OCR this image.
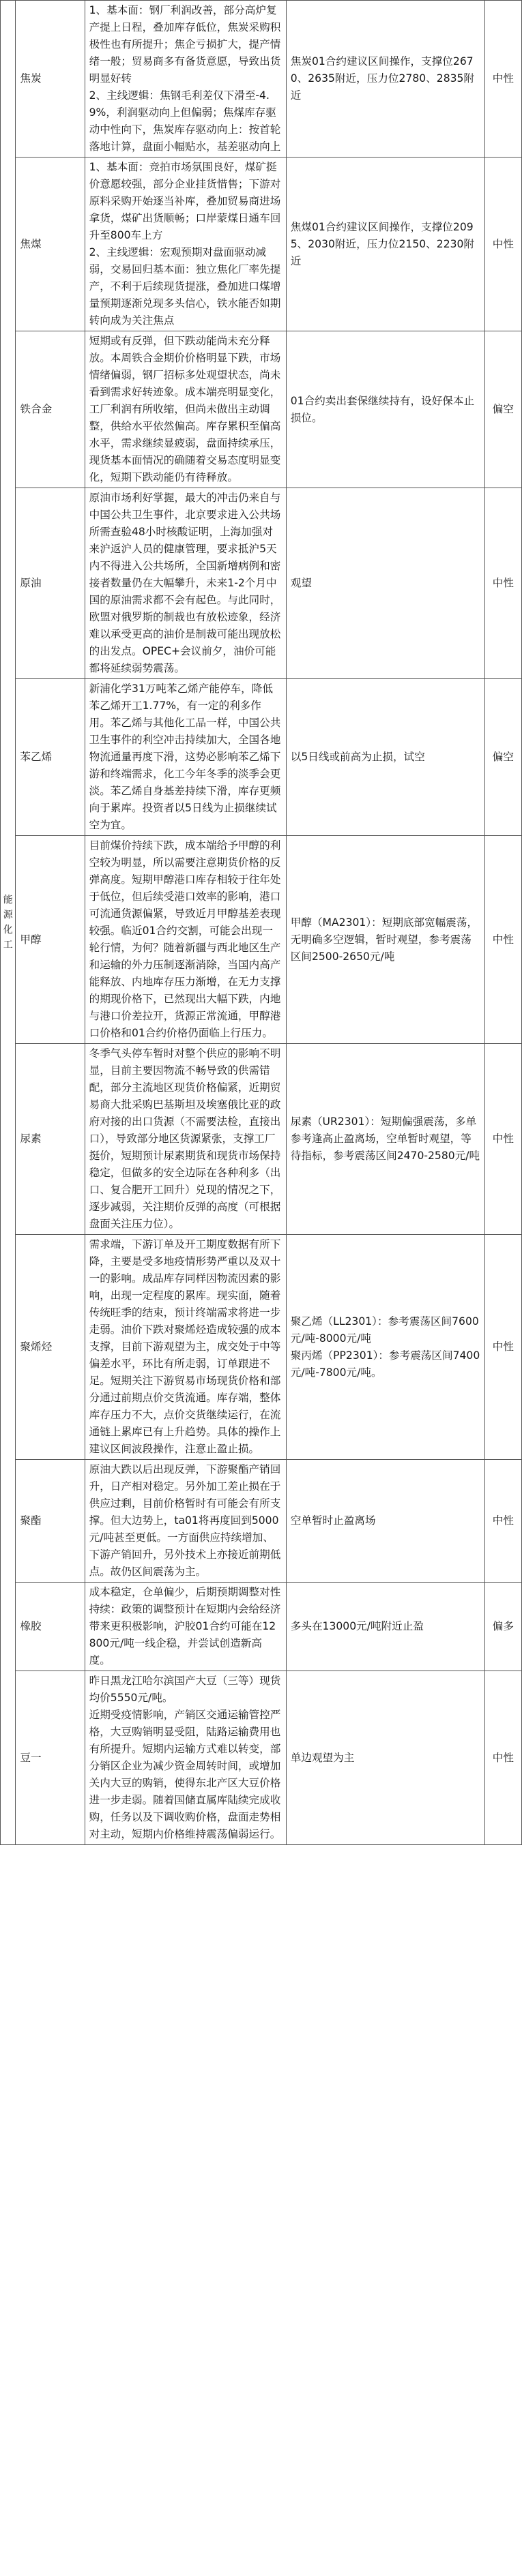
能源化工	焦炭	1、基本面：钢厂利润改善，部分高炉复产提上日程，叠加库存低位，焦炭采购积极性也有所提升；焦企亏损扩大，提产情绪一般；贸易商多有备货意愿，导致出货明显好转
2、主线逻辑：焦钢毛利差仅下滑至-4.9%，利润驱动向上但偏弱；焦煤库存驱动中性向下，焦炭库存驱动向上：按首轮落地计算，盘面小幅贴水，基差驱动向上	焦炭01合约建议区间操作，支撑位2670、2635附近，压力位2780、2835附近	中性
	焦煤	1、基本面：竞拍市场氛围良好，煤矿挺价意愿较强，部分企业挂货惜售；下游对原料采购开始逐当补库，叠加贸易商进场拿货，煤矿出货顺畅；口岸蒙煤日通车回升至800车上方
2、主线逻辑：宏观预期对盘面驱动减弱，交易回归基本面：独立焦化厂率先提产，不利于后续现货提涨，叠加进口煤增量预期逐渐兑现多头信心，铁水能否如期转向成为关注焦点	焦煤01合约建议区间操作，支撑位2095、2030附近，压力位2150、2230附近	中性
	铁合金	短期或有反弹，但下跌动能尚未充分释放。本周铁合金期价价格明显下跌，市场情绪偏弱，钢厂招标多处观望状态，尚未看到需求好转迹象。成本端亮明显变化，工厂利润有所收缩，但尚未做出主动调整，供给水平依然偏高。库存累积至偏高水平，需求继续显疲弱，盘面持续承压，现货基本面情况的确随着交易态度明显变化，短期下跌动能仍有待释放。	01合约卖出套保继续持有，设好保本止损位。	偏空
	原油	原油市场利好掌握，最大的冲击仍来自与中国公共卫生事件，北京要求进入公共场所需查验48小时核酸证明，上海加强对来沪返沪人员的健康管理，要求抵沪5天内不得进入公共场所，全国新增病例和密接者数量仍在大幅攀升，未来1-2个月中国的原油需求都不会有起色。与此同时，欧盟对俄罗斯的制裁也有放松迹象，经济难以承受更高的油价是制裁可能出现放松的出发点。OPEC+会议前夕，油价可能都将延续弱势震荡。	观望	中性
	苯乙烯	新浦化学31万吨苯乙烯产能停车，降低苯乙烯开工1.77%，有一定的利多作用。苯乙烯与其他化工品一样，中国公共卫生事件的利空冲击持续加大，全国各地物流通量再度下滑，这势必影响苯乙烯下游和终端需求，化工今年冬季的淡季会更淡。苯乙烯自身基差持续下滑，库存更频向于累库。投资者以5日线为止损继续试空为宜。	以5日线或前高为止损，试空	偏空
	甲醇	目前煤价持续下跌，成本端给予甲醇的利空较为明显，所以需要注意期货价格的反弹高度。短期甲醇港口库存相较于往年处于低位，但后续受港口效率的影响，港口可流通货源偏紧，导致近月甲醇基差表现较强。临近01合约交割，可能会出现一轮行情，为何？随着新疆与西北地区生产和运输的外力压制逐渐消除，当国内高产能释放、内地库存压力渐增，在无力支撑的期现价格下，已然现出大幅下跌，内地与港口价差拉开，货源正常流通，甲醇港口价格和01合约价格仍面临上行压力。	甲醇（MA2301）：短期底部宽幅震荡，无明确多空逻辑，暂时观望，参考震荡区间2500-2650元/吨	中性
	尿素	冬季气头停车暂时对整个供应的影响不明显，目前主要因物流不畅导致的供需错配，部分主流地区现货价格偏紧，近期贸易商大批采购巴基斯坦及埃塞俄比亚的政府对接的出口货源（不需要法检，直接出口），导致部分地区货源紧张，支撑工厂挺价，短期预计尿素期货和现货市场保持稳定，但做多的安全边际在各种利多（出口、复合肥开工回升）兑现的情况之下，逐步减弱，关注期价反弹的高度（可根据盘面关注压力位）。	尿素（UR2301）：短期偏强震荡，多单参考逢高止盈离场，空单暂时观望，等待指标，参考震荡区间2470-2580元/吨	中性
	聚烯烃	需求端，下游订单及开工期度数据有所下降，主要是受多地疫情形势严重以及双十一的影响。成品库存同样因物流因素的影响，出现一定程度的累库。现实面，随着传统旺季的结束，预计终端需求将进一步走弱。油价下跌对聚烯烃造成较强的成本支撑，目前下游观望为主，成交处于中等偏差水平，环比有所走弱，订单跟进不足。短期关注下游贸易市场现货价格和部分通过前期点价交货流通。库存端，整体库存压力不大，点价交货继续运行，在流通链上累库已有上升趋势。具体的操作上建议区间波段操作，注意止盈止损。	聚乙烯（LL2301）：参考震荡区间7600元/吨-8000元/吨
聚丙烯（PP2301）：参考震荡区间7400元/吨-7800元/吨。	中性
	聚酯	原油大跌以后出现反弹，下游聚酯产销回升，日产相对稳定。另外加工差止损在于供应过剩，目前价格暂时有可能会有所支撑。但大边势上，ta01将再度回到5000元/吨甚至更低。一方面供应持续增加、下游产销回升，另外技术上亦接近前期低点。故仍区间震荡为主。	空单暂时止盈离场	中性
	橡胶	成本稳定，仓单偏少，后期预期调整对性持续：政策的调整预计在短期内会给经济带来更积极影响，沪胶01合约可能在12800元/吨一线企稳，并尝试创造新高度。	多头在13000元/吨附近止盈	偏多
	豆一	昨日黑龙江哈尔滨国产大豆（三等）现货均价5550元/吨。
近期受疫情影响，产销区交通运输管控严格，大豆购销明显受阻，陆路运输费用也有所提升。短期内运输方式难以转变，部分销区企业为减少资金周转时间，或增加关内大豆的购销，使得东北产区大豆价格进一步走弱。随着国储直属库陆续完成收购，任务以及下调收购价格，盘面走势相对主动，短期内价格维持震荡偏弱运行。	单边观望为主	中性
